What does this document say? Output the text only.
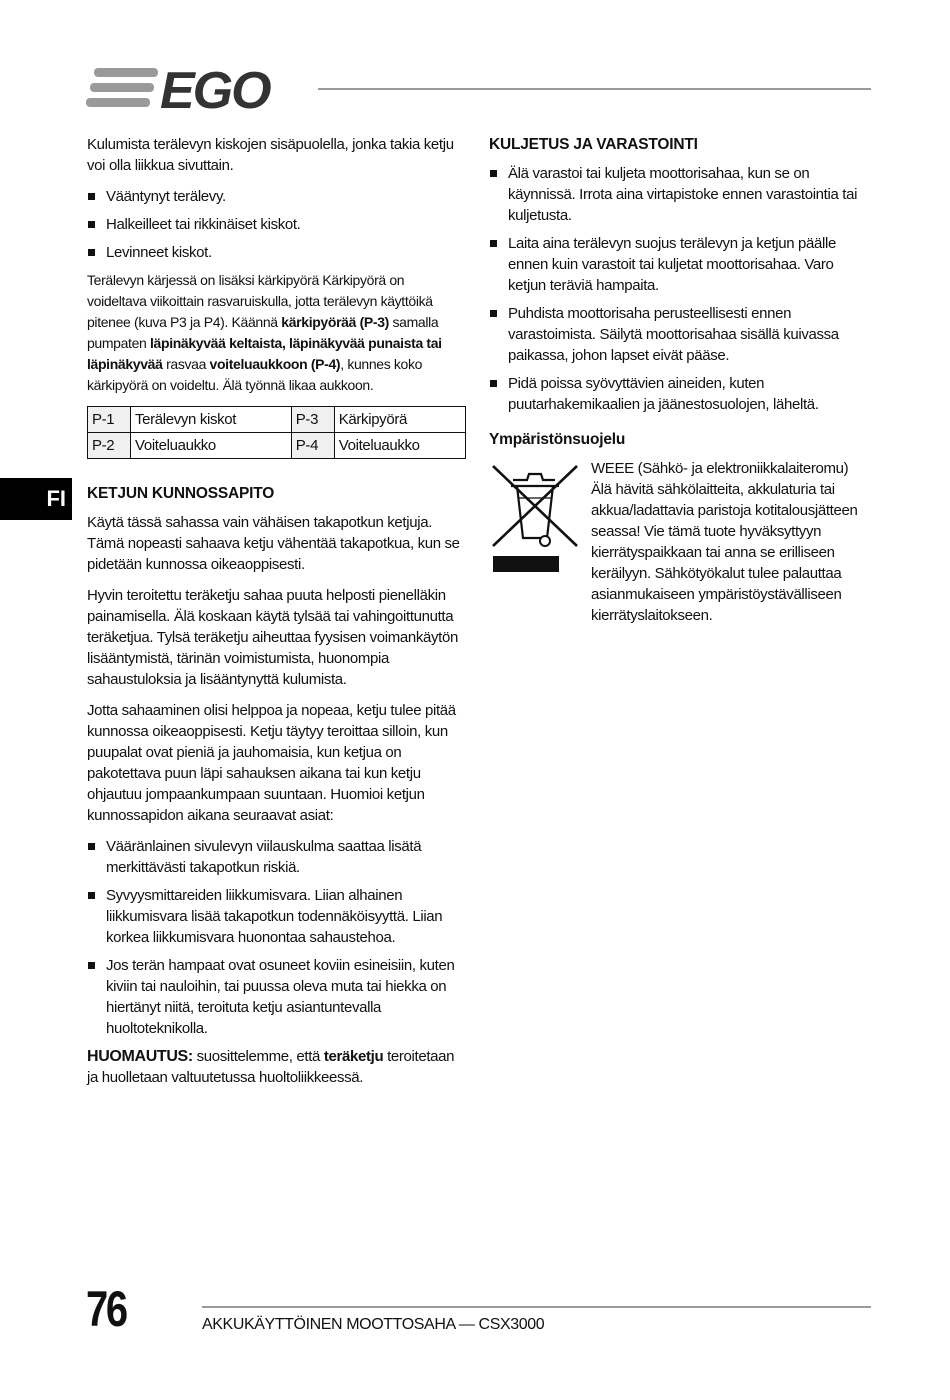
EGO
FI

Kulumista terälevyn kiskojen sisäpuolella, jonka takia ketju voi olla liikkua sivuttain.

Vääntynyt terälevy.
Halkeilleet tai rikkinäiset kiskot.
Levinneet kiskot.

Terälevyn kärjessä on lisäksi kärkipyörä Kärkipyörä on voideltava viikoittain rasvaruiskulla, jotta terälevyn käyttöikä pitenee (kuva P3 ja P4). Käännä kärkipyörää (P-3) samalla pumpaten läpinäkyvää keltaista, läpinäkyvää punaista tai läpinäkyvää rasvaa voiteluaukkoon (P-4), kunnes koko kärkipyörä on voideltu. Älä työnnä likaa aukkoon.

P-1	Terälevyn kiskot	P-3	Kärkipyörä
P-2	Voiteluaukko	P-4	Voiteluaukko
KETJUN KUNNOSSAPITO

Käytä tässä sahassa vain vähäisen takapotkun ketjuja. Tämä nopeasti sahaava ketju vähentää takapotkua, kun se pidetään kunnossa oikeaoppisesti.

Hyvin teroitettu teräketju sahaa puuta helposti pienelläkin painamisella. Älä koskaan käytä tylsää tai vahingoittunutta teräketjua. Tylsä teräketju aiheuttaa fyysisen voimankäytön lisääntymistä, tärinän voimistumista, huonompia sahaustuloksia ja lisääntynyttä kulumista.

Jotta sahaaminen olisi helppoa ja nopeaa, ketju tulee pitää kunnossa oikeaoppisesti. Ketju täytyy teroittaa silloin, kun puupalat ovat pieniä ja jauhomaisia, kun ketjua on pakotettava puun läpi sahauksen aikana tai kun ketju ohjautuu jompaankumpaan suuntaan. Huomioi ketjun kunnossapidon aikana seuraavat asiat:

Vääränlainen sivulevyn viilauskulma saattaa lisätä merkittävästi takapotkun riskiä.
Syvyysmittareiden liikkumisvara. Liian alhainen liikkumisvara lisää takapotkun todennäköisyyttä. Liian korkea liikkumisvara huonontaa sahaustehoa.
Jos terän hampaat ovat osuneet koviin esineisiin, kuten kiviin tai nauloihin, tai puussa oleva muta tai hiekka on hiertänyt niitä, teroituta ketju asiantuntevalla huoltoteknikolla.

HUOMAUTUS: suosittelemme, että teräketju teroitetaan ja huolletaan valtuutetussa huoltoliikkeessä.

KULJETUS JA VARASTOINTI
Älä varastoi tai kuljeta moottorisahaa, kun se on käynnissä. Irrota aina virtapistoke ennen varastointia tai kuljetusta.
Laita aina terälevyn suojus terälevyn ja ketjun päälle ennen kuin varastoit tai kuljetat moottorisahaa. Varo ketjun teräviä hampaita.
Puhdista moottorisaha perusteellisesti ennen varastoimista. Säilytä moottorisahaa sisällä kuivassa paikassa, johon lapset eivät pääse.
Pidä poissa syövyttävien aineiden, kuten puutarhakemikaalien ja jäänestosuolojen, läheltä.
Ympäristönsuojelu
WEEE (Sähkö- ja elektroniikkalaiteromu) Älä hävitä sähkölaitteita, akkulaturia tai akkua/ladattavia paristoja kotitalousjätteen seassa! Vie tämä tuote hyväksyttyyn kierrätyspaikkaan tai anna se erilliseen keräilyyn. Sähkötyökalut tulee palauttaa asianmukaiseen ympäristöystävälliseen kierrätyslaitokseen.
76	AKKUKÄYTTÖINEN MOOTTOSAHA — CSX3000
